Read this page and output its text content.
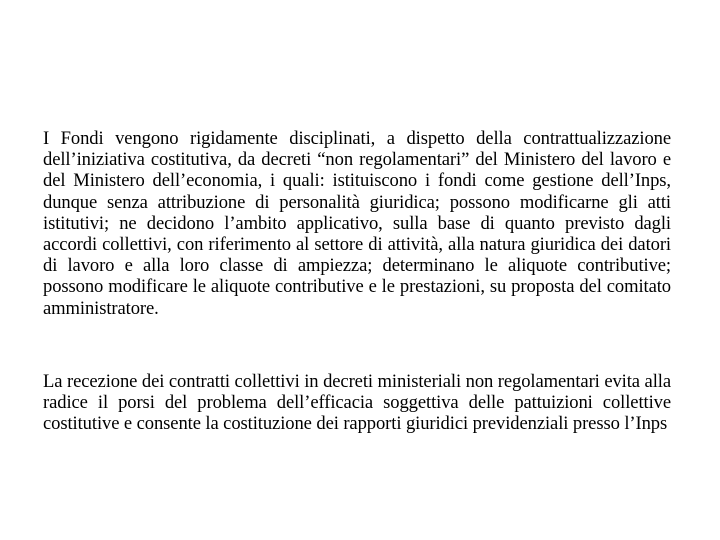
I Fondi vengono rigidamente disciplinati, a dispetto della contrattualizzazione dell’iniziativa costitutiva, da decreti “non regolamentari” del Ministero del lavoro e del Ministero dell’economia, i quali: istituiscono i fondi come gestione dell’Inps, dunque senza attribuzione di personalità giuridica; possono modificarne gli atti istitutivi; ne decidono l’ambito applicativo, sulla base di quanto previsto dagli accordi collettivi, con riferimento al settore di attività, alla natura giuridica dei datori di lavoro e alla loro classe di ampiezza; determinano le aliquote contributive; possono modificare le aliquote contributive e le prestazioni, su proposta del comitato amministratore.

La recezione dei contratti collettivi in decreti ministeriali non regolamentari evita alla radice il porsi del problema dell’efficacia soggettiva delle pattuizioni collettive costitutive e consente la costituzione dei rapporti giuridici previdenziali presso l’Inps
